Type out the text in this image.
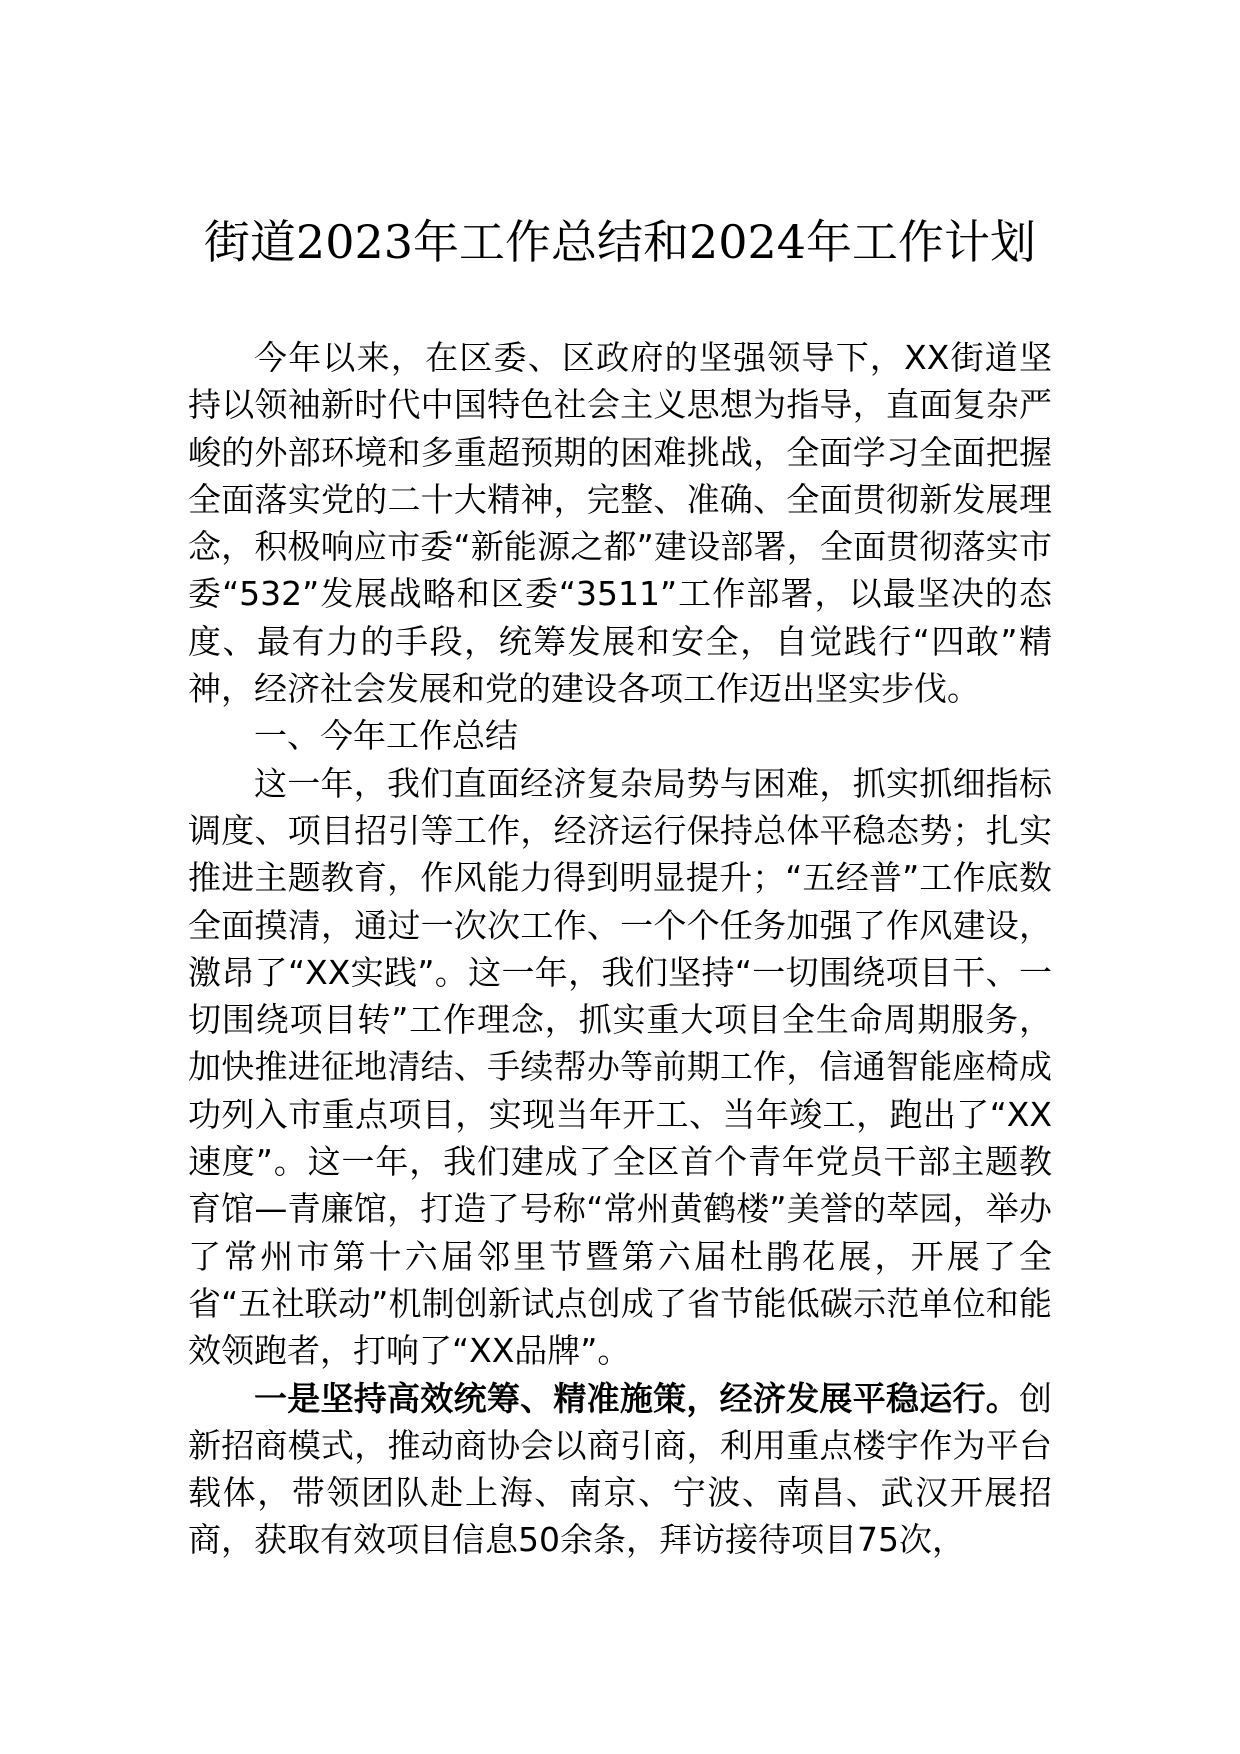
街道2023年工作总结和2024年工作计划

今年以来，在区委、区政府的坚强领导下，XX街道坚持以领袖新时代中国特色社会主义思想为指导，直面复杂严峻的外部环境和多重超预期的困难挑战，全面学习全面把握全面落实党的二十大精神，完整、准确、全面贯彻新发展理念，积极响应市委“新能源之都”建设部署，全面贯彻落实市委“532”发展战略和区委“3511”工作部署，以最坚决的态度、最有力的手段，统筹发展和安全，自觉践行“四敢”精神，经济社会发展和党的建设各项工作迈出坚实步伐。

一、今年工作总结

这一年，我们直面经济复杂局势与困难，抓实抓细指标调度、项目招引等工作，经济运行保持总体平稳态势；扎实推进主题教育，作风能力得到明显提升；“五经普”工作底数全面摸清，通过一次次工作、一个个任务加强了作风建设，激昂了“XX实践”。这一年，我们坚持“一切围绕项目干、一切围绕项目转”工作理念，抓实重大项目全生命周期服务，加快推进征地清结、手续帮办等前期工作，信通智能座椅成功列入市重点项目，实现当年开工、当年竣工，跑出了“XX速度”。这一年，我们建成了全区首个青年党员干部主题教育馆—青廉馆，打造了号称“常州黄鹤楼”美誉的萃园，举办了常州市第十六届邻里节暨第六届杜鹃花展，开展了全省“五社联动”机制创新试点创成了省节能低碳示范单位和能效领跑者，打响了“XX品牌”。

一是坚持高效统筹、精准施策，经济发展平稳运行。创新招商模式，推动商协会以商引商，利用重点楼宇作为平台载体，带领团队赴上海、南京、宁波、南昌、武汉开展招商，获取有效项目信息50余条，拜访接待项目75次，
